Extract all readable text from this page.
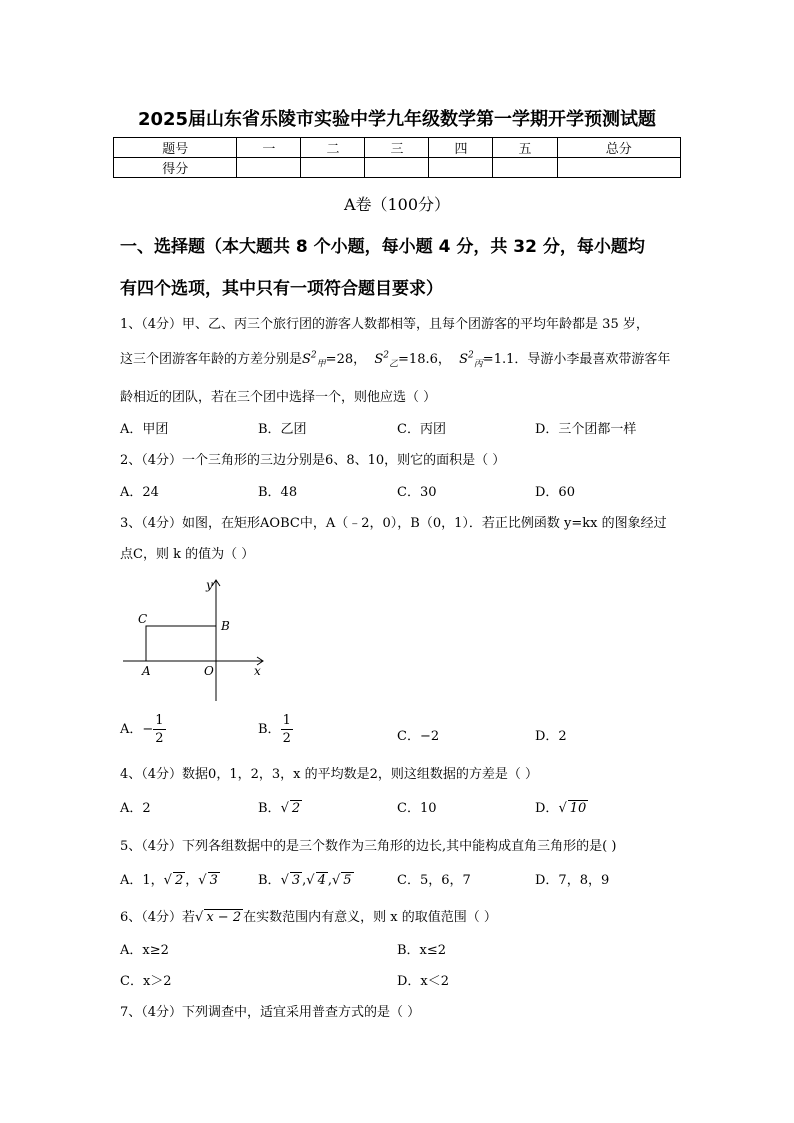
2025届山东省乐陵市实验中学九年级数学第一学期开学预测试题
题号	一	二	三	四	五	总分
得分						
A卷（100分）
一、选择题（本大题共 8 个小题，每小题 4 分，共 32 分，每小题均
有四个选项，其中只有一项符合题目要求）
1、（4分）甲、乙、丙三个旅行团的游客人数都相等，且每个团游客的平均年龄都是 35 岁，
这三个团游客年龄的方差分别是$S^2_甲=28$， $S^2_乙=18.6$， $S^2_丙=1.1$．导游小李最喜欢带游客年
龄相近的团队，若在三个团中选择一个，则他应选（ ）
A．甲团	B．乙团	C．丙团	D．三个团都一样
2、（4分）一个三角形的三边分别是6、8、10，则它的面积是（ ）
A．24	B．48	C．30	D．60
3、（4分）如图，在矩形AOBC中，A（﹣2，0），B（0，1）．若正比例函数 y=kx 的图象经过
点C，则 k 的值为（ ）
y
x
C	B
A	O
A．− $\frac{1}{2}$	B． $\frac{1}{2}$	C．−2	D．2
4、（4分）数据0，1，2，3，x 的平均数是2，则这组数据的方差是（ ）
A．2	B．√ 2	C．10	D．√ 10
5、（4分）下列各组数据中的是三个数作为三角形的边长,其中能构成直角三角形的是( )
A．1，√ 2 ，√ 3	B．√ 3 ,√ 4 ,√ 5	C．5，6，7	D．7，8，9
6、（4分）若√ x − 2 在实数范围内有意义，则 x 的取值范围（ ）
A．x≥2	B．x≤2
C．x＞2	D．x＜2
7、（4分）下列调查中，适宜采用普查方式的是（ ）
